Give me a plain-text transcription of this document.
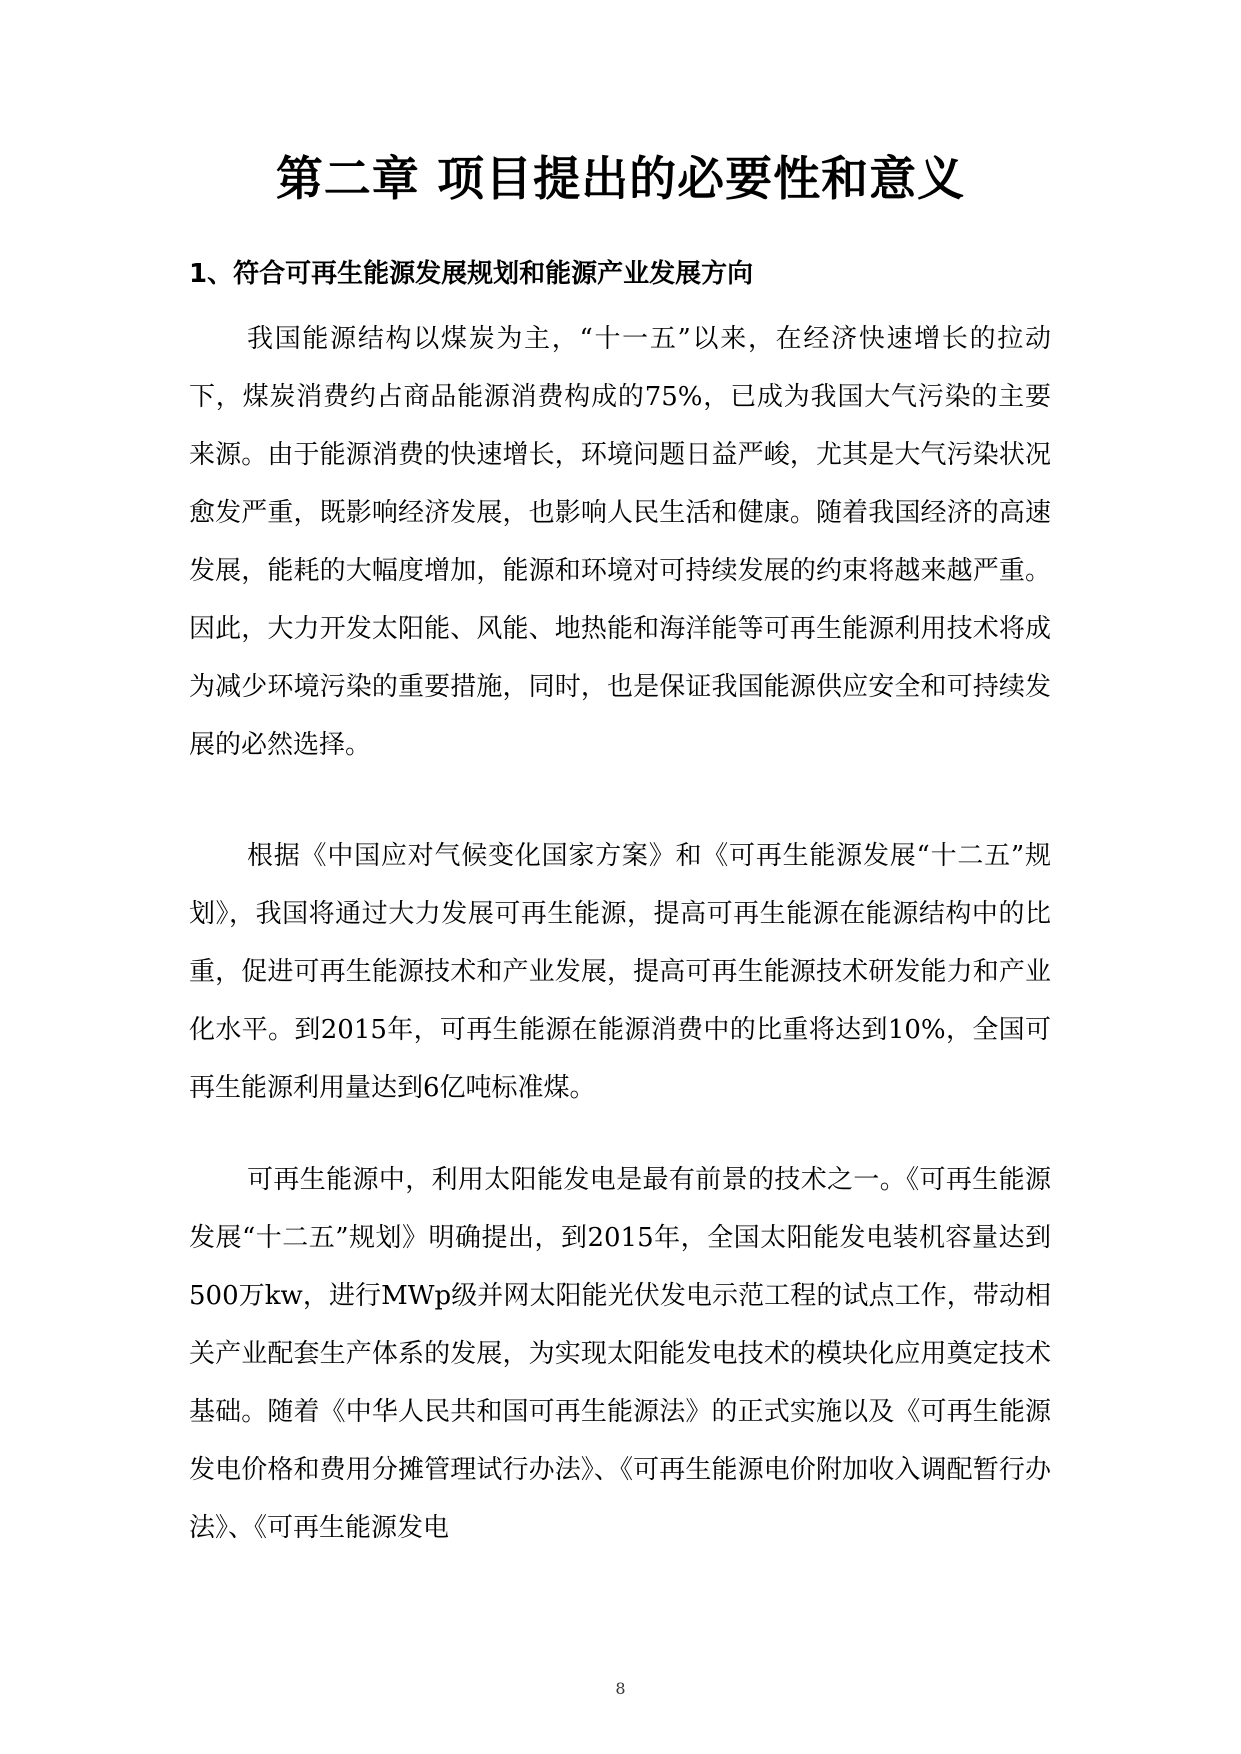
第二章 项目提出的必要性和意义
1、符合可再生能源发展规划和能源产业发展方向

我国能源结构以煤炭为主，“十一五”以来，在经济快速增长的拉动下，煤炭消费约占商品能源消费构成的75%，已成为我国大气污染的主要来源。由于能源消费的快速增长，环境问题日益严峻，尤其是大气污染状况愈发严重，既影响经济发展，也影响人民生活和健康。随着我国经济的高速发展，能耗的大幅度增加，能源和环境对可持续发展的约束将越来越严重。因此，大力开发太阳能、风能、地热能和海洋能等可再生能源利用技术将成为减少环境污染的重要措施，同时，也是保证我国能源供应安全和可持续发展的必然选择。

根据《中国应对气候变化国家方案》和《可再生能源发展“十二五”规划》，我国将通过大力发展可再生能源，提高可再生能源在能源结构中的比重，促进可再生能源技术和产业发展，提高可再生能源技术研发能力和产业化水平。到2015年，可再生能源在能源消费中的比重将达到10%，全国可再生能源利用量达到6亿吨标准煤。

可再生能源中，利用太阳能发电是最有前景的技术之一。《可再生能源发展“十二五”规划》明确提出，到2015年，全国太阳能发电装机容量达到500万kw，进行MWp级并网太阳能光伏发电示范工程的试点工作，带动相关产业配套生产体系的发展，为实现太阳能发电技术的模块化应用奠定技术基础。随着《中华人民共和国可再生能源法》的正式实施以及《可再生能源发电价格和费用分摊管理试行办法》、《可再生能源电价附加收入调配暂行办法》、《可再生能源发电

8
